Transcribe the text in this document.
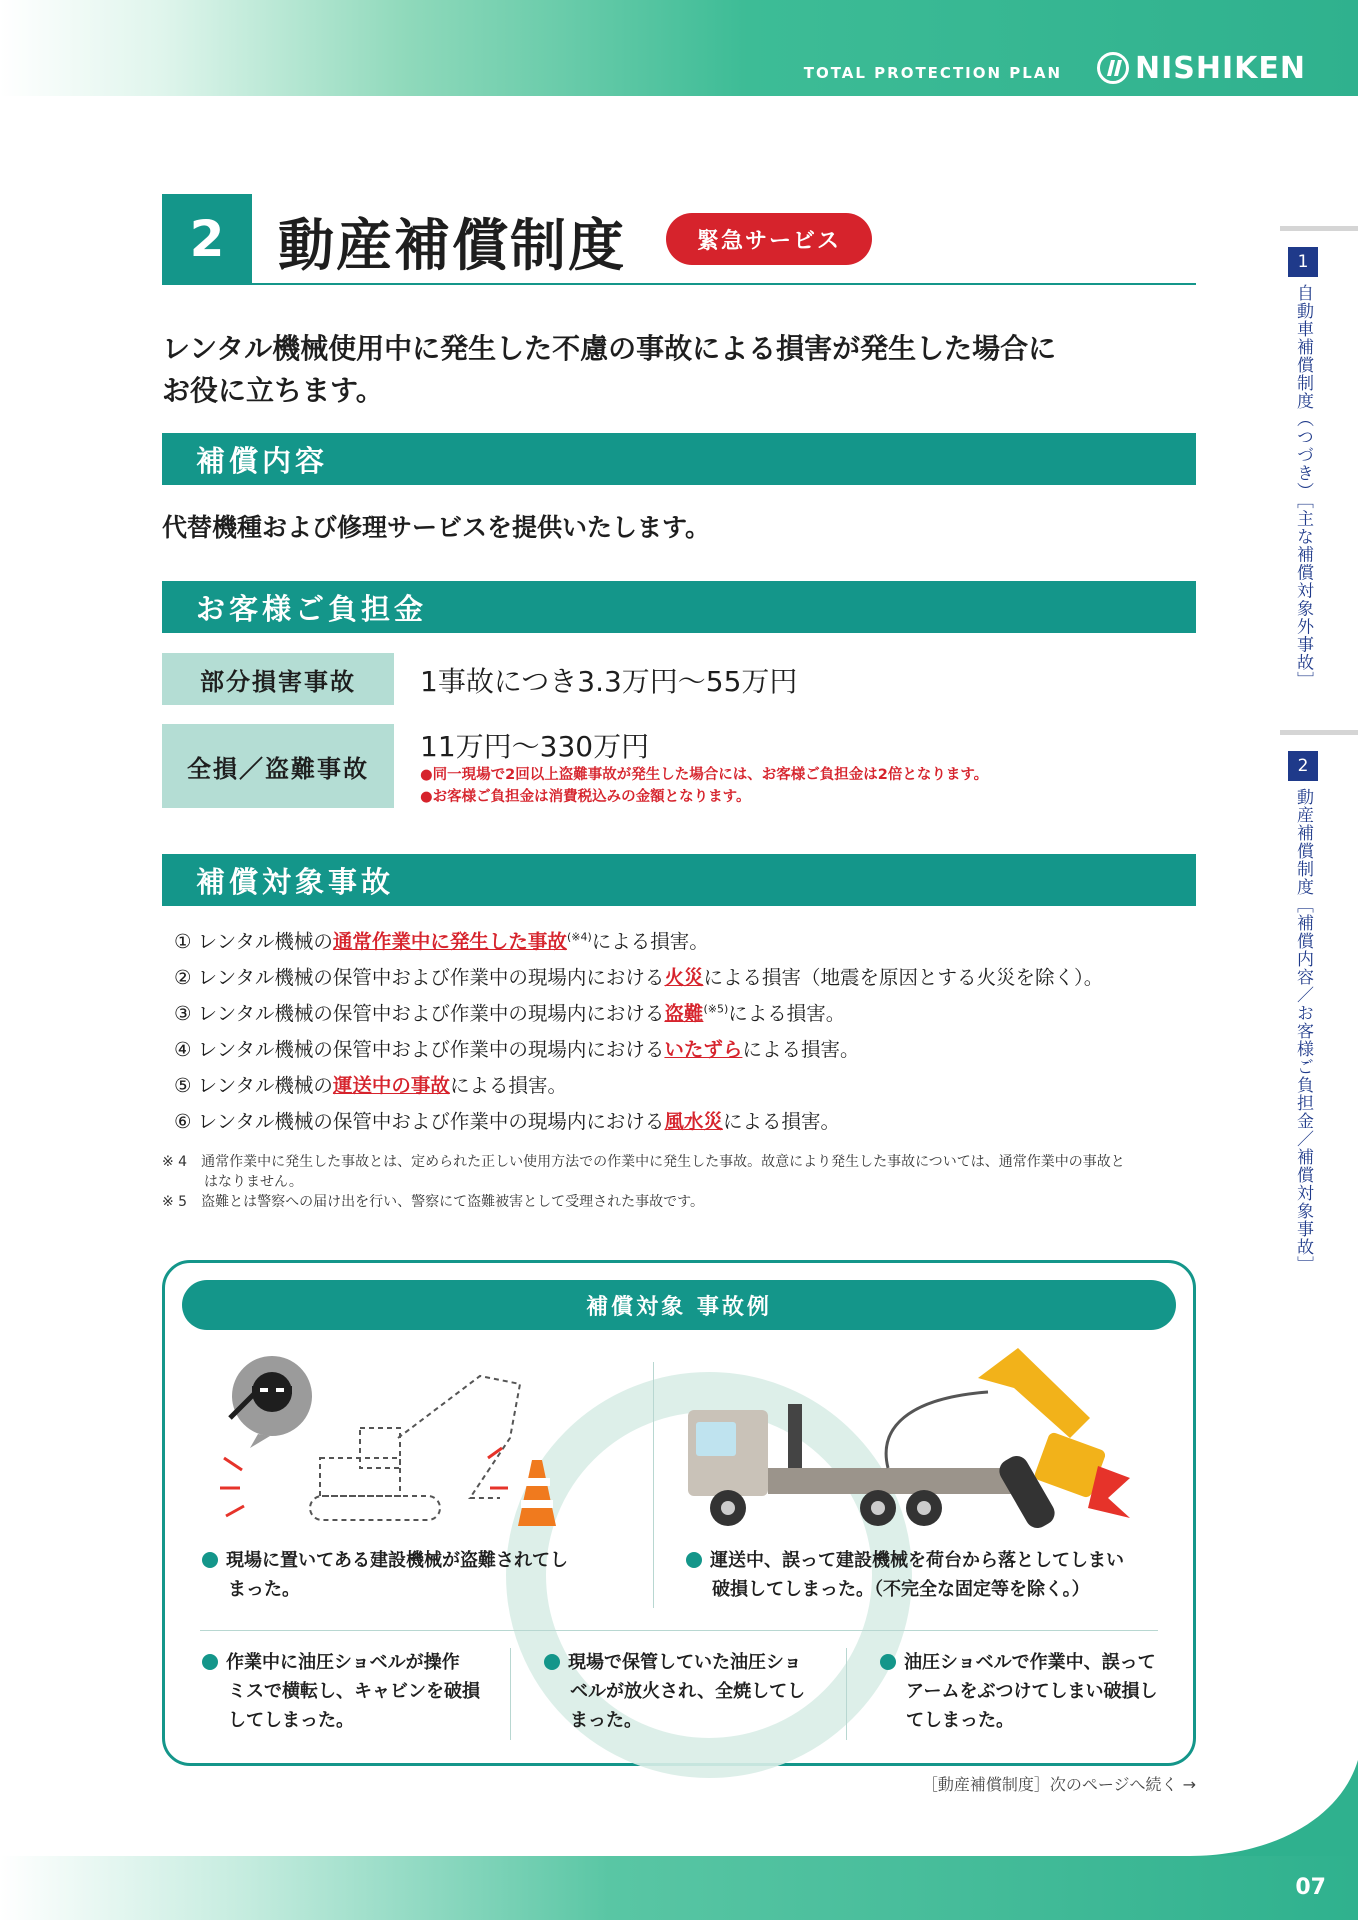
TOTAL PROTECTION PLAN NISHIKEN
2 動産補償制度	緊急サービス
レンタル機械使用中に発生した不慮の事故による損害が発生した場合に
お役に立ちます。
補償内容
代替機種および修理サービスを提供いたします。
お客様ご負担金
部分損害事故	1事故につき3.3万円〜55万円
全損／盗難事故
11万円〜330万円
●同一現場で2回以上盗難事故が発生した場合には、お客様ご負担金は2倍となります。
●お客様ご負担金は消費税込みの金額となります。
補償対象事故
① レンタル機械の通常作業中に発生した事故$^{(※4)}$による損害。
② レンタル機械の保管中および作業中の現場内における火災による損害（地震を原因とする火災を除く）。
③ レンタル機械の保管中および作業中の現場内における盗難$^{(※5)}$による損害。
④ レンタル機械の保管中および作業中の現場内におけるいたずらによる損害。
⑤ レンタル機械の運送中の事故による損害。
⑥ レンタル機械の保管中および作業中の現場内における風水災による損害。
※ 4　通常作業中に発生した事故とは、定められた正しい使用方法での作業中に発生した事故。故意により発生した事故については、通常作業中の事故と
　　　はなりません。
※ 5　盗難とは警察への届け出を行い、警察にて盗難被害として受理された事故です。
補償対象 事故例
現場に置いてある建設機械が盗難されてし
まった。
運送中、誤って建設機械を荷台から落としてしまい
破損してしまった。（不完全な固定等を除く。）
作業中に油圧ショベルが操作
ミスで横転し、キャビンを破損
してしまった。
現場で保管していた油圧ショ
ベルが放火され、全焼してし
まった。
油圧ショベルで作業中、誤って
アームをぶつけてしまい破損し
てしまった。
［動産補償制度］次のページへ続く →
1
自動車補償制度（つづき）［主な補償対象外事故］
2
動産補償制度［補償内容／お客様ご負担金／補償対象事故］
07
